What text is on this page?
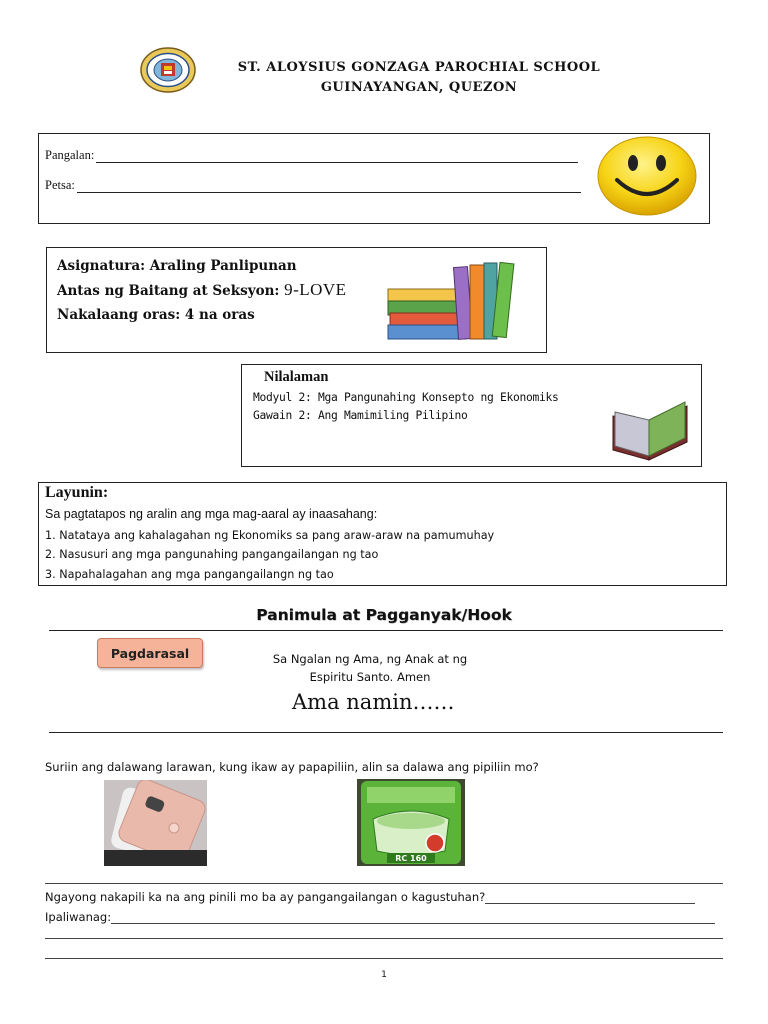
ST. ALOYSIUS GONZAGA PAROCHIAL SCHOOL
GUINAYANGAN, QUEZON
Pangalan:
Petsa:

Asignatura: Araling Panlipunan

Antas ng Baitang at Seksyon: 9-LOVE

Nakalaang oras: 4 na oras

Nilalaman
Modyul 2: Mga Pangunahing Konsepto ng Ekonomiks
Gawain 2: Ang Mamimiling Pilipino
Layunin:
Sa pagtatapos ng aralin ang mga mag-aaral ay inaasahang:
1. Natataya ang kahalagahan ng Ekonomiks sa pang araw-araw na pamumuhay
2. Nasusuri ang mga pangunahing pangangailangan ng tao
3. Napahalagahan ang mga pangangailangn ng tao
Panimula at Pagganyak/Hook
Pagdarasal	Sa Ngalan ng Ama, ng Anak at ng
Espiritu Santo. Amen
Ama namin……
Suriin ang dalawang larawan, kung ikaw ay papapiliin, alin sa dalawa ang pipiliin mo?
RC 160
Ngayong nakapili ka na ang pinili mo ba ay pangangailangan o kagustuhan?
Ipaliwanag:
1
